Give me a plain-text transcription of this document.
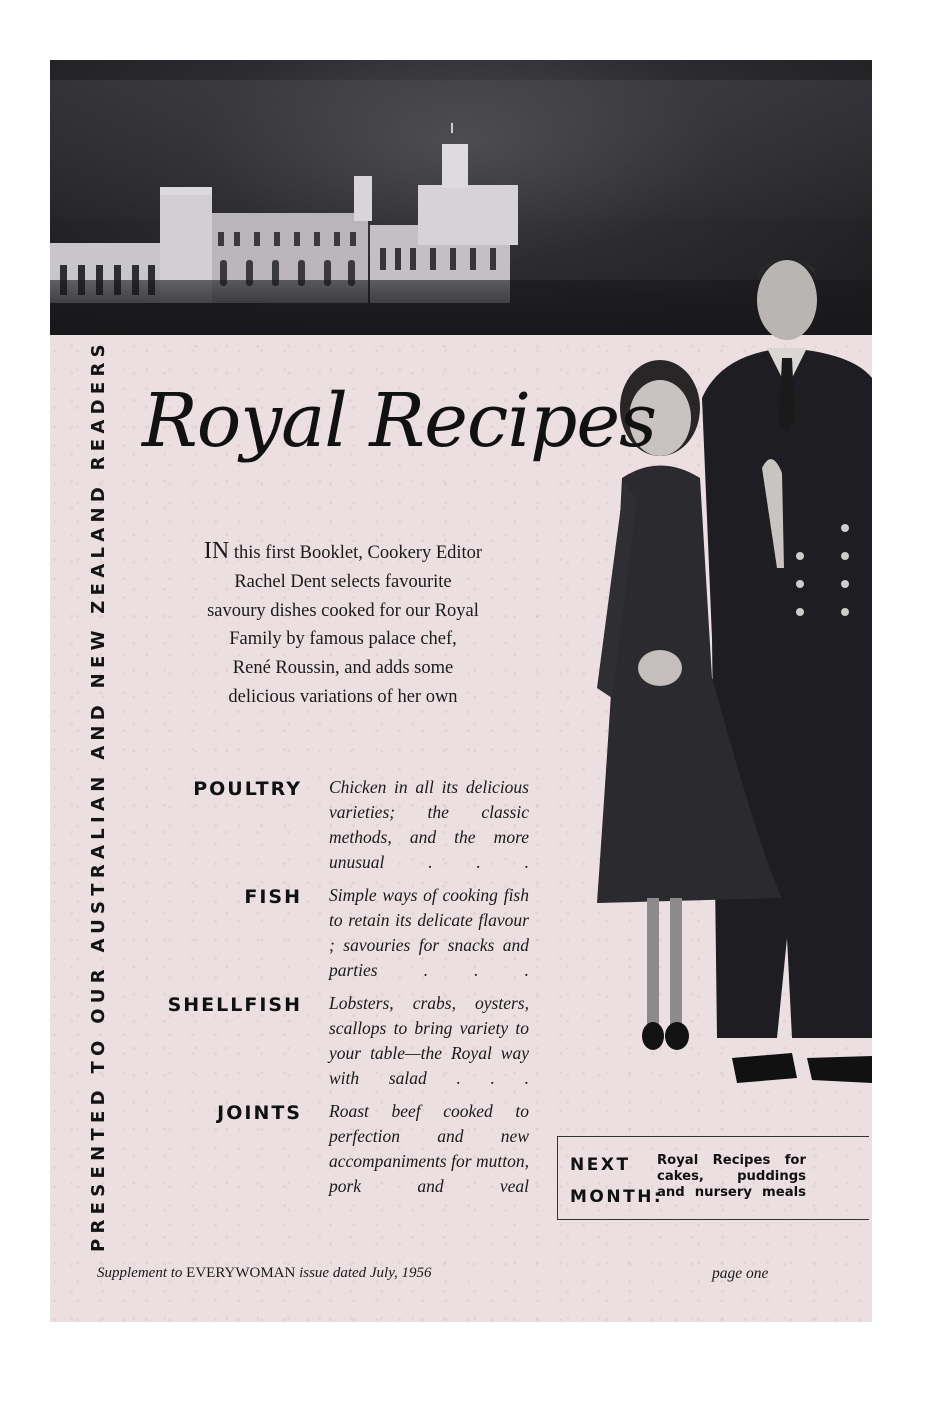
PRESENTED TO OUR AUSTRALIAN AND NEW ZEALAND READERS Royal Recipes
IN this first Booklet, Cookery Editor
Rachel Dent selects favourite
savoury dishes cooked for our Royal
Family by famous palace chef,
René Roussin, and adds some
delicious variations of her own
POULTRY	Chicken in all its delicious varieties; the classic methods, and the more unusual . . .
FISH	Simple ways of cooking fish to retain its delicate flavour ; savouries for snacks and parties . . .
SHELLFISH	Lobsters, crabs, oysters, scallops to bring variety to your table—the Royal way with salad . . .
JOINTS	Roast beef cooked to perfection and new accompaniments for mutton, pork and veal
NEXT
MONTH:
Royal Recipes for cakes, puddings and nursery meals
Supplement to EVERYWOMAN issue dated July, 1956	page one
